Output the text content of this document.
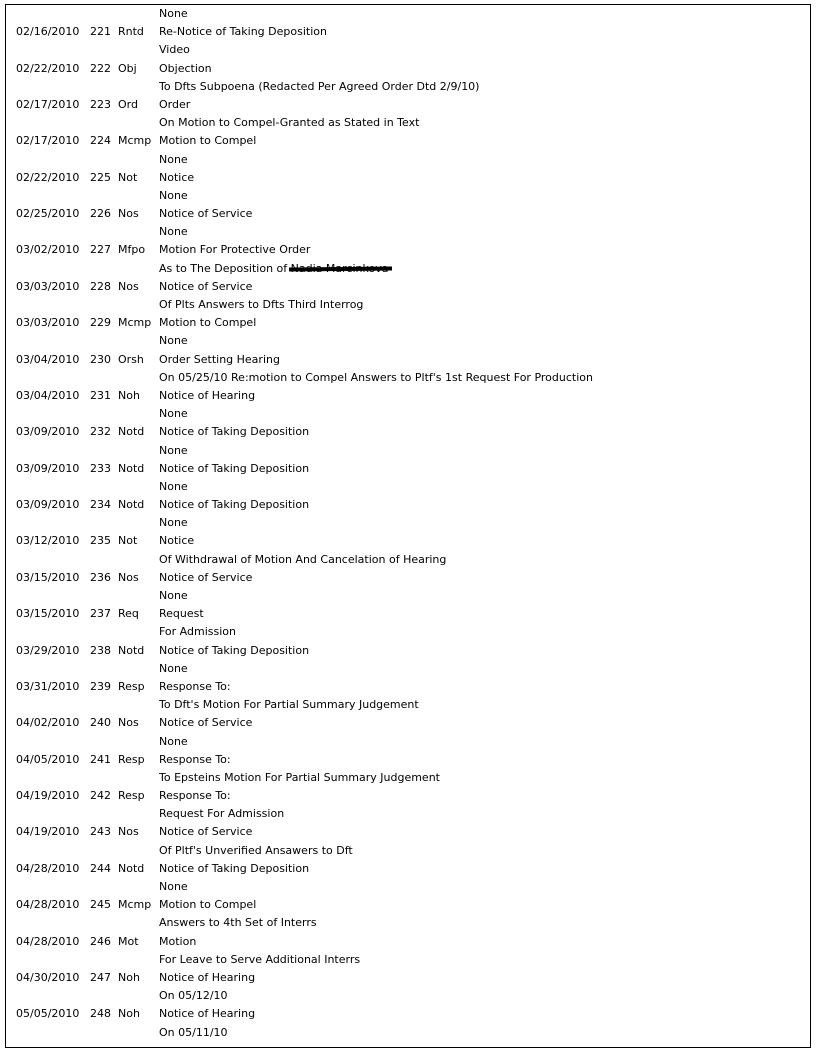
None
02/16/2010 221 Rntd Re-Notice of Taking Deposition
Video
02/22/2010 222 Obj Objection
To Dfts Subpoena (Redacted Per Agreed Order Dtd 2/9/10)
02/17/2010 223 Ord Order
On Motion to Compel-Granted as Stated in Text
02/17/2010 224 Mcmp Motion to Compel
None
02/22/2010 225 Not Notice
None
02/25/2010 226 Nos Notice of Service
None
03/02/2010 227 Mfpo Motion For Protective Order
As to The Deposition of
03/03/2010 228 Nos Notice of Service
Of Plts Answers to Dfts Third Interrog
03/03/2010 229 Mcmp Motion to Compel
None
03/04/2010 230 Orsh Order Setting Hearing
On 05/25/10 Re:motion to Compel Answers to Pltf's 1st Request For Production
03/04/2010 231 Noh Notice of Hearing
None
03/09/2010 232 Notd Notice of Taking Deposition
None
03/09/2010 233 Notd Notice of Taking Deposition
None
03/09/2010 234 Notd Notice of Taking Deposition
None
03/12/2010 235 Not Notice
Of Withdrawal of Motion And Cancelation of Hearing
03/15/2010 236 Nos Notice of Service
None
03/15/2010 237 Req Request
For Admission
03/29/2010 238 Notd Notice of Taking Deposition
None
03/31/2010 239 Resp Response To:
To Dft's Motion For Partial Summary Judgement
04/02/2010 240 Nos Notice of Service
None
04/05/2010 241 Resp Response To:
To Epsteins Motion For Partial Summary Judgement
04/19/2010 242 Resp Response To:
Request For Admission
04/19/2010 243 Nos Notice of Service
Of Pltf's Unverified Ansawers to Dft
04/28/2010 244 Notd Notice of Taking Deposition
None
04/28/2010 245 Mcmp Motion to Compel
Answers to 4th Set of Interrs
04/28/2010 246 Mot Motion
For Leave to Serve Additional Interrs
04/30/2010 247 Noh Notice of Hearing
On 05/12/10
05/05/2010 248 Noh Notice of Hearing
On 05/11/10
